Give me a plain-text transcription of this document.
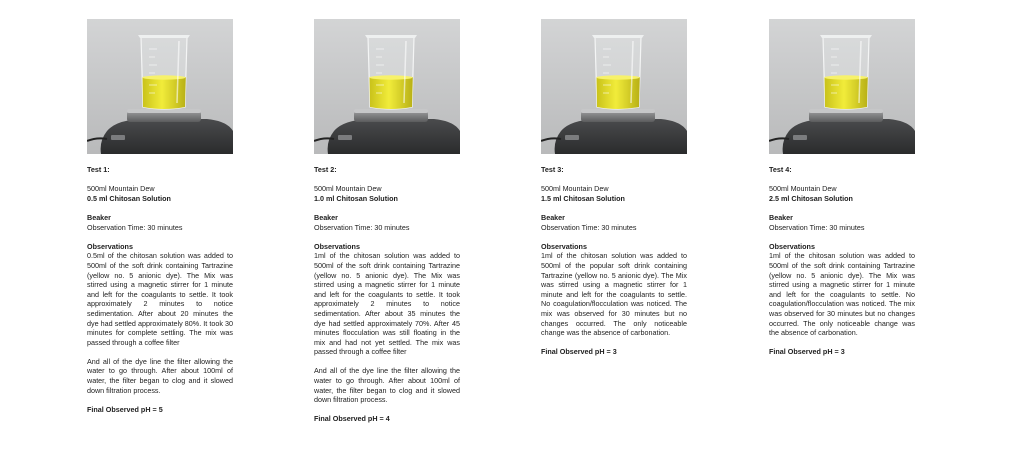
Test 1:
500ml Mountain Dew
0.5 ml Chitosan Solution
Beaker
Observation Time: 30 minutes
Observations
0.5ml of the chitosan solution was added to 500ml of the soft drink containing Tartrazine (yellow no. 5 anionic dye). The Mix was stirred using a magnetic stirrer for 1 minute and left for the coagulants to settle. It took approximately 2 minutes to notice sedimentation. After about 20 minutes the dye had settled approximately 80%. It took 30 minutes for complete settling. The mix was passed through a coffee filter
And all of the dye line the filter allowing the water to go through. After about 100ml of water, the filter began to clog and it slowed down filtration process.
Final Observed pH = 5
Test 2:
500ml Mountain Dew
1.0 ml Chitosan Solution
Beaker
Observation Time: 30 minutes
Observations
1ml of the chitosan solution was added to 500ml of the soft drink containing Tartrazine (yellow no. 5 anionic dye). The Mix was stirred using a magnetic stirrer for 1 minute and left for the coagulants to settle. It took approximately 2 minutes to notice sedimentation. After about 35 minutes the dye had settled approximately 70%. After 45 minutes flocculation was still floating in the mix and had not yet settled. The mix was passed through a coffee filter
And all of the dye line the filter allowing the water to go through. After about 100ml of water, the filter began to clog and it slowed down filtration process.
Final Observed pH = 4
Test 3:
500ml Mountain Dew
1.5 ml Chitosan Solution
Beaker
Observation Time: 30 minutes
Observations
1ml of the chitosan solution was added to 500ml of the popular soft drink containing Tartrazine (yellow no. 5 anionic dye). The Mix was stirred using a magnetic stirrer for 1 minute and left for the coagulants to settle. No coagulation/flocculation was noticed. The mix was observed for 30 minutes but no changes occurred. The only noticeable change was the absence of carbonation.
Final Observed pH = 3
Test 4:
500ml Mountain Dew
2.5 ml Chitosan Solution
Beaker
Observation Time: 30 minutes
Observations
1ml of the chitosan solution was added to 500ml of the soft drink containing Tartrazine (yellow no. 5 anionic dye). The Mix was stirred using a magnetic stirrer for 1 minute and left for the coagulants to settle. No coagulation/flocculation was noticed. The mix was observed for 30 minutes but no changes occurred. The only noticeable change was the absence of carbonation.
Final Observed pH = 3
